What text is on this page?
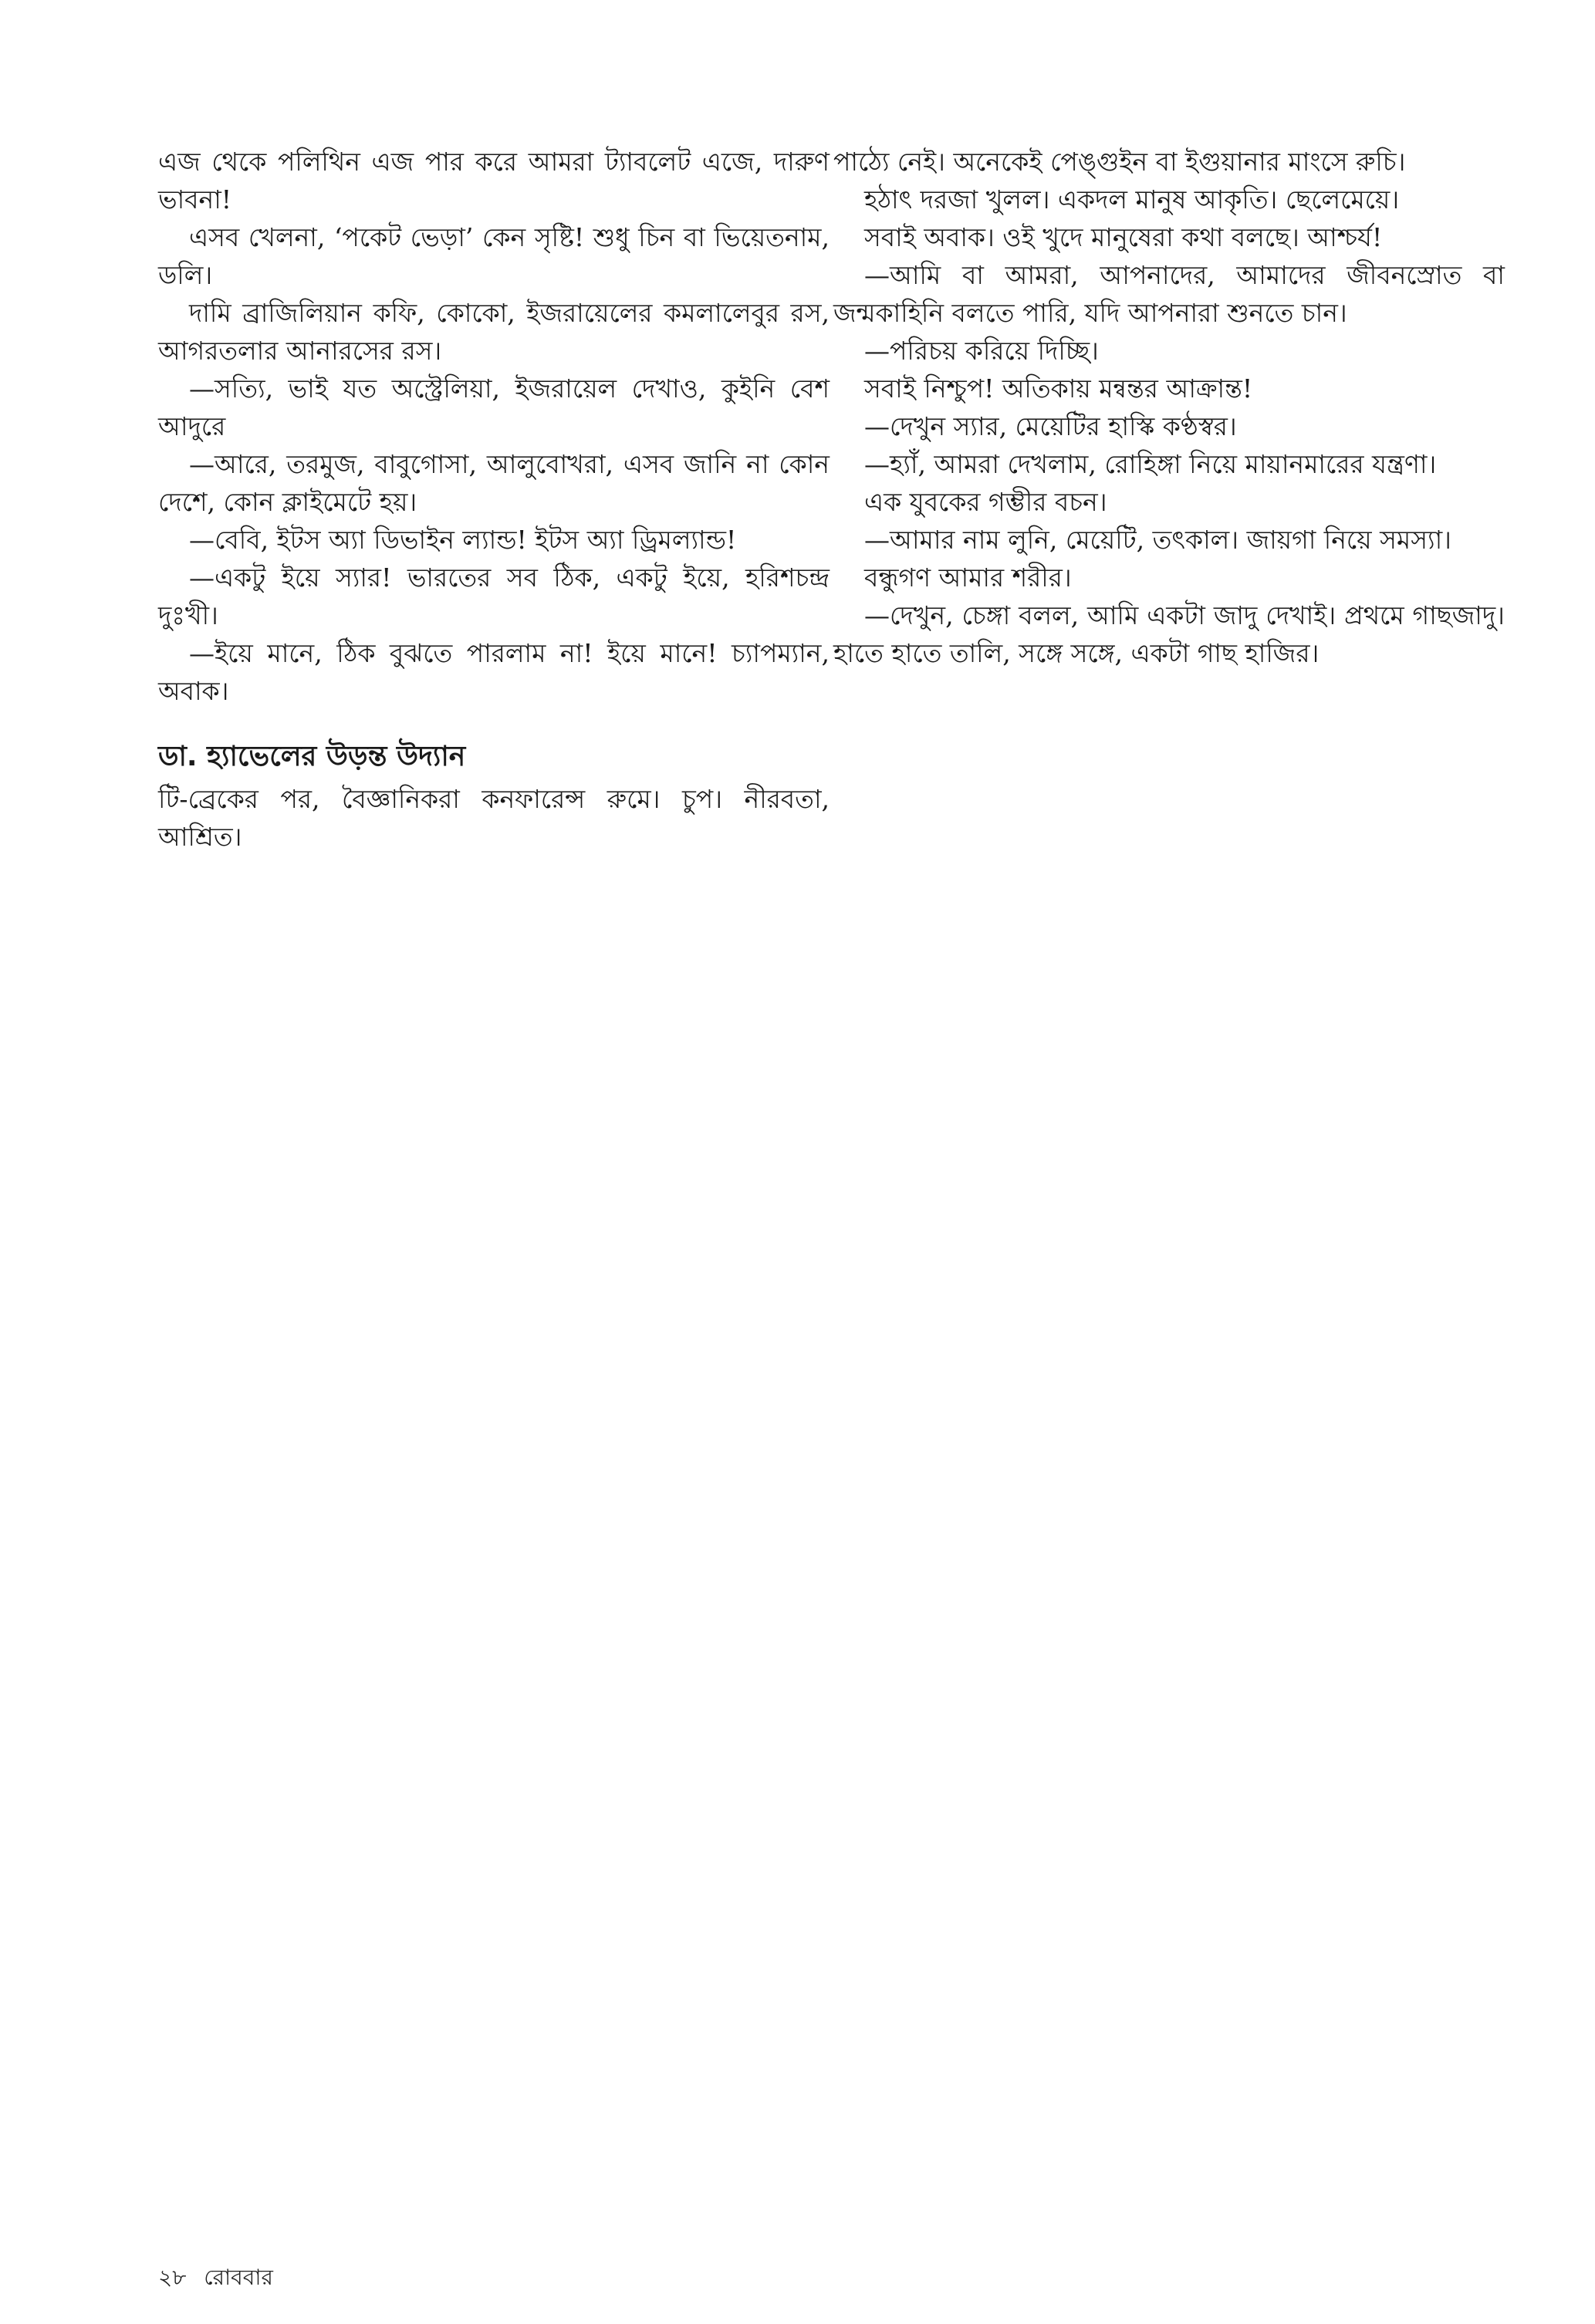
এজ থেকে পলিথিন এজ পার করে আমরা ট্যাবলেট এজে, দারুণ ভাবনা!

এসব খেলনা, ‘পকেট ভেড়া’ কেন সৃষ্টি! শুধু চিন বা ভিয়েতনাম, ডলি।

দামি ব্রাজিলিয়ান কফি, কোকো, ইজরায়েলের কমলালেবুর রস, আগরতলার আনারসের রস।

—সত্যি, ভাই যত অস্ট্রেলিয়া, ইজরায়েল দেখাও, কুইনি বেশ আদুরে

—আরে, তরমুজ, বাবুগোসা, আলুবোখরা, এসব জানি না কোন দেশে, কোন ক্লাইমেটে হয়।

—বেবি, ইটস অ্যা ডিভাইন ল্যান্ড! ইটস অ্যা ড্রিমল্যান্ড!

—একটু ইয়ে স্যার! ভারতের সব ঠিক, একটু ইয়ে, হরিশচন্দ্র দুঃখী।

—ইয়ে মানে, ঠিক বুঝতে পারলাম না! ইয়ে মানে! চ্যাপম্যান, অবাক।

ডা. হ্যাভেলের উড়ন্ত উদ্যান

টি-ব্রেকের পর, বৈজ্ঞানিকরা কনফারেন্স রুমে। চুপ। নীরবতা, আশ্রিত।

পাঠ্যে নেই। অনেকেই পেঙ্গুইন বা ইগুয়ানার মাংসে রুচি।

হঠাৎ দরজা খুলল। একদল মানুষ আকৃতি। ছেলেমেয়ে।

সবাই অবাক। ওই খুদে মানুষেরা কথা বলছে। আশ্চর্য!

—আমি বা আমরা, আপনাদের, আমাদের জীবনস্রোত বা জন্মকাহিনি বলতে পারি, যদি আপনারা শুনতে চান।

—পরিচয় করিয়ে দিচ্ছি।

সবাই নিশ্চুপ! অতিকায় মন্বন্তর আক্রান্ত!

—দেখুন স্যার, মেয়েটির হাস্কি কণ্ঠস্বর।

—হ্যাঁ, আমরা দেখলাম, রোহিঙ্গা নিয়ে মায়ানমারের যন্ত্রণা।

এক যুবকের গম্ভীর বচন।

—আমার নাম লুনি, মেয়েটি, তৎকাল। জায়গা নিয়ে সমস্যা।

বন্ধুগণ আমার শরীর।

—দেখুন, চেঙ্গা বলল, আমি একটা জাদু দেখাই। প্রথমে গাছজাদু। হাতে হাতে তালি, সঙ্গে সঙ্গে, একটা গাছ হাজির।

২৮ রোববার
